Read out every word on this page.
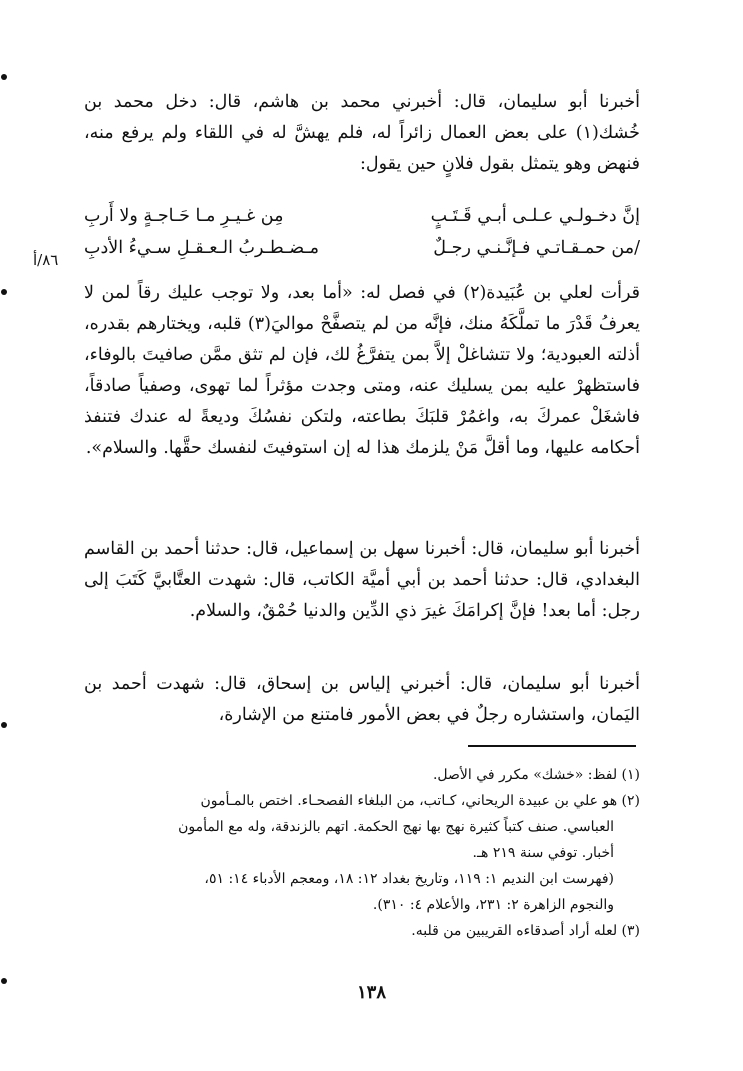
أخبرنا أبو سليمان، قال: أخبرني محمد بن هاشم، قال: دخل محمد بن خُشك(١) على بعض العمال زائراً له، فلم يهشَّ له في اللقاء ولم يرفع منه، فنهض وهو يتمثل بقول فلانٍ حين يقول:

إنَّ دخـولـي عـلـى أبـي قَـتَـبٍ
مِن غـيـرِ مـا حَـاجـةٍ ولا أَربِ
/من حمـقـاتـي فـإنَّـنـي رجـلٌ
مـضـطـربُ الـعـقـلِ سـيءُ الأدبِ
٨٦/أ

قرأت لعلي بن عُبَيدة(٢) في فصل له: «أما بعد، ولا توجب عليك رقاً لمن لا يعرفُ قَدْرَ ما تملَّكَهُ منك، فإنَّه من لم يتصفَّحْ مواليَ(٣) قلبه، ويختارهم بقدره، أذلته العبودية؛ ولا تتشاغلْ إلاَّ بمن يتفرَّغُ لك، فإن لم تثق ممَّن صافيتَ بالوفاء، فاستظهرْ عليه بمن يسليك عنه، ومتى وجدت مؤثراً لما تهوى، وصفياً صادقاً، فاشغَلْ عمركَ به، واغمُرْ قلبَكَ بطاعته، ولتكن نفسُكَ وديعةً له عندك فتنفذ أحكامه عليها، وما أقلَّ مَنْ يلزمك هذا له إن استوفيتَ لنفسك حقَّها. والسلام».

أخبرنا أبو سليمان، قال: أخبرنا سهل بن إسماعيل، قال: حدثنا أحمد بن القاسم البغدادي، قال: حدثنا أحمد بن أبي أميَّة الكاتب، قال: شهدت العتَّابيَّ كَتَبَ إلى رجل: أما بعد! فإنَّ إكرامَكَ غيرَ ذي الدِّين والدنيا حُمْقٌ، والسلام.

أخبرنا أبو سليمان، قال: أخبرني إلياس بن إسحاق، قال: شهدت أحمد بن اليَمان، واستشاره رجلٌ في بعض الأمور فامتنع من الإشارة،

(١) لفظ: «خشك» مكرر في الأصل.
(٢) هو علي بن عبيدة الريحاني، كـاتب، من البلغاء الفصحـاء. اختص بالمـأمون
العباسي. صنف كتباً كثيرة نهج بها نهج الحكمة. اتهم بالزندقة، وله مع المأمون
أخبار. توفي سنة ٢١٩ هـ.
(فهرست ابن النديم ١: ١١٩، وتاريخ بغداد ١٢: ١٨، ومعجم الأدباء ١٤: ٥١،
والنجوم الزاهرة ٢: ٢٣١، والأعلام ٤: ٣١٠).
(٣) لعله أراد أصدقاءه القريبين من قلبه.
١٣٨
